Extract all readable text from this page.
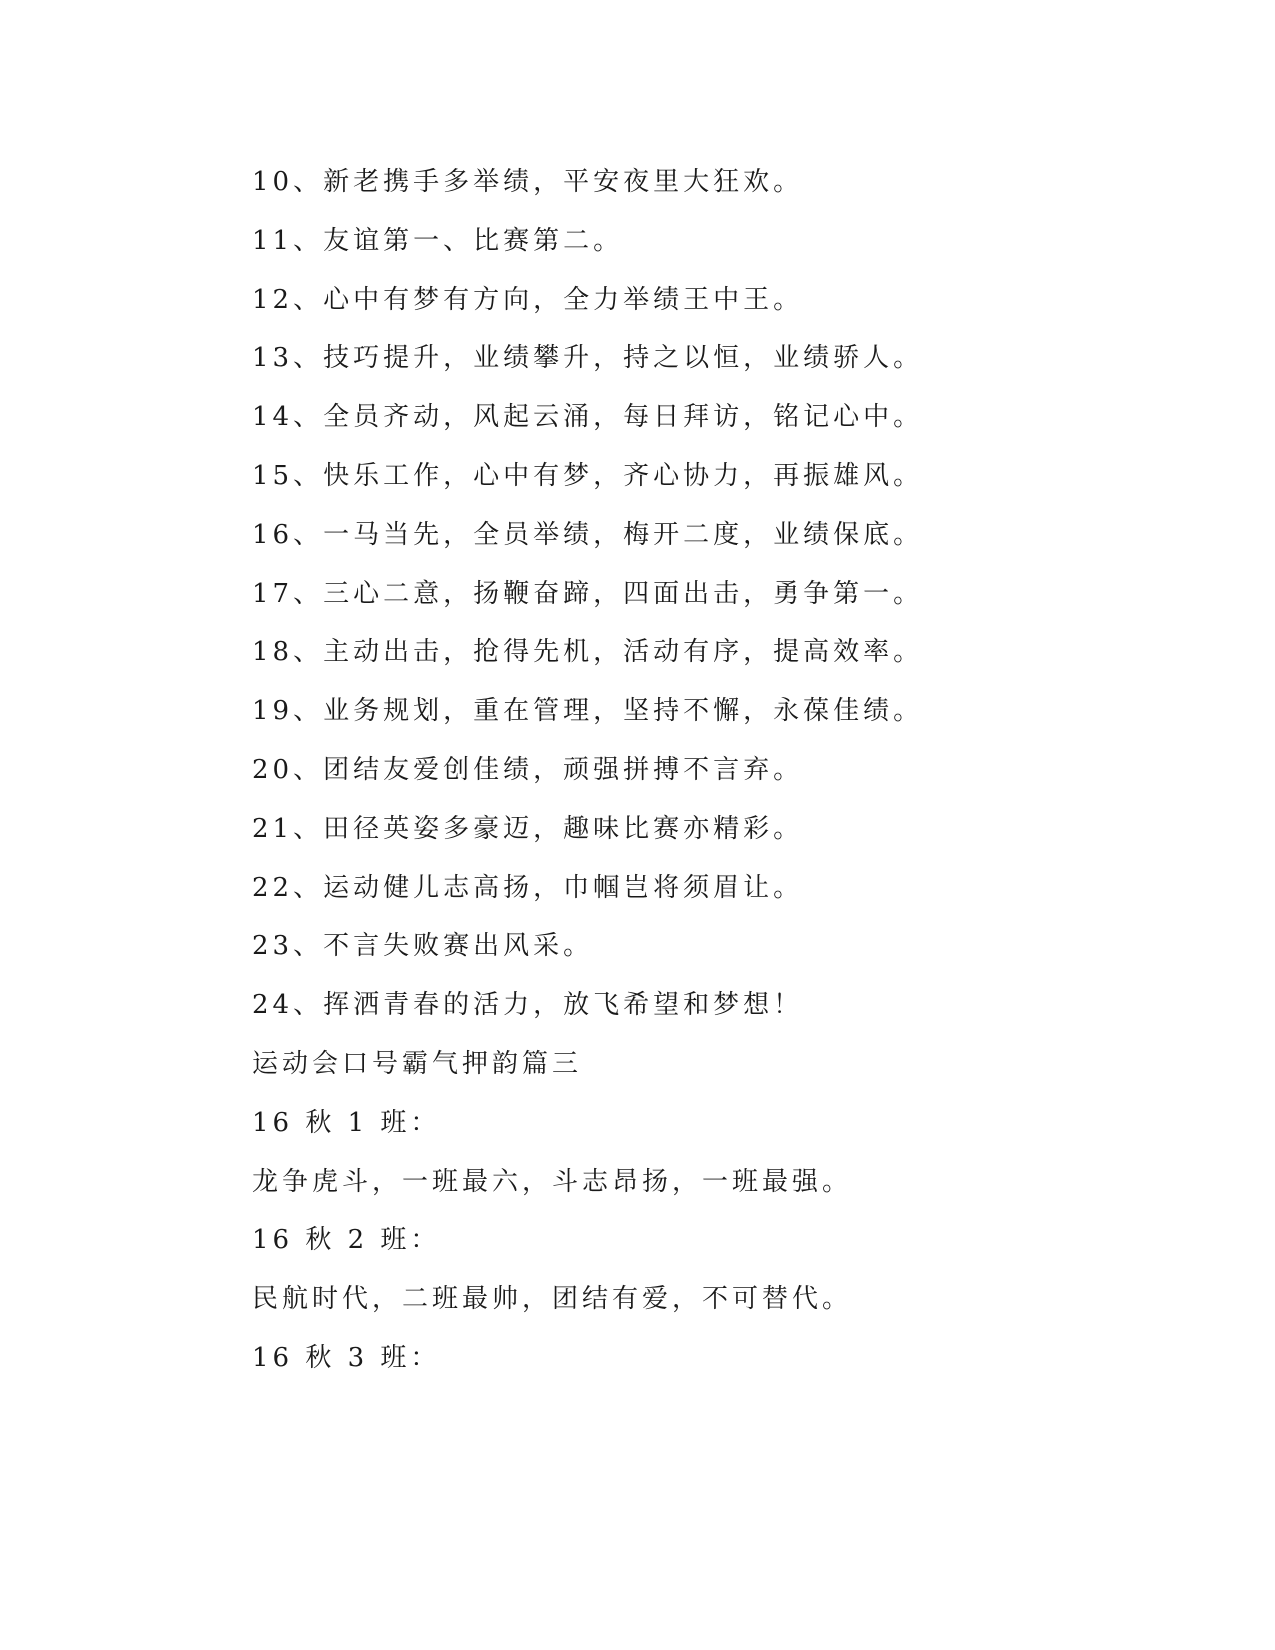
10、新老携手多举绩，平安夜里大狂欢。
11、友谊第一、比赛第二。
12、心中有梦有方向，全力举绩王中王。
13、技巧提升，业绩攀升，持之以恒，业绩骄人。
14、全员齐动，风起云涌，每日拜访，铭记心中。
15、快乐工作，心中有梦，齐心协力，再振雄风。
16、一马当先，全员举绩，梅开二度，业绩保底。
17、三心二意，扬鞭奋蹄，四面出击，勇争第一。
18、主动出击，抢得先机，活动有序，提高效率。
19、业务规划，重在管理，坚持不懈，永葆佳绩。
20、团结友爱创佳绩，顽强拼搏不言弃。
21、田径英姿多豪迈，趣味比赛亦精彩。
22、运动健儿志高扬，巾帼岂将须眉让。
23、不言失败赛出风采。
24、挥洒青春的活力，放飞希望和梦想！
运动会口号霸气押韵篇三
16 秋 1 班：
龙争虎斗，一班最六，斗志昂扬，一班最强。
16 秋 2 班：
民航时代，二班最帅，团结有爱，不可替代。
16 秋 3 班：
